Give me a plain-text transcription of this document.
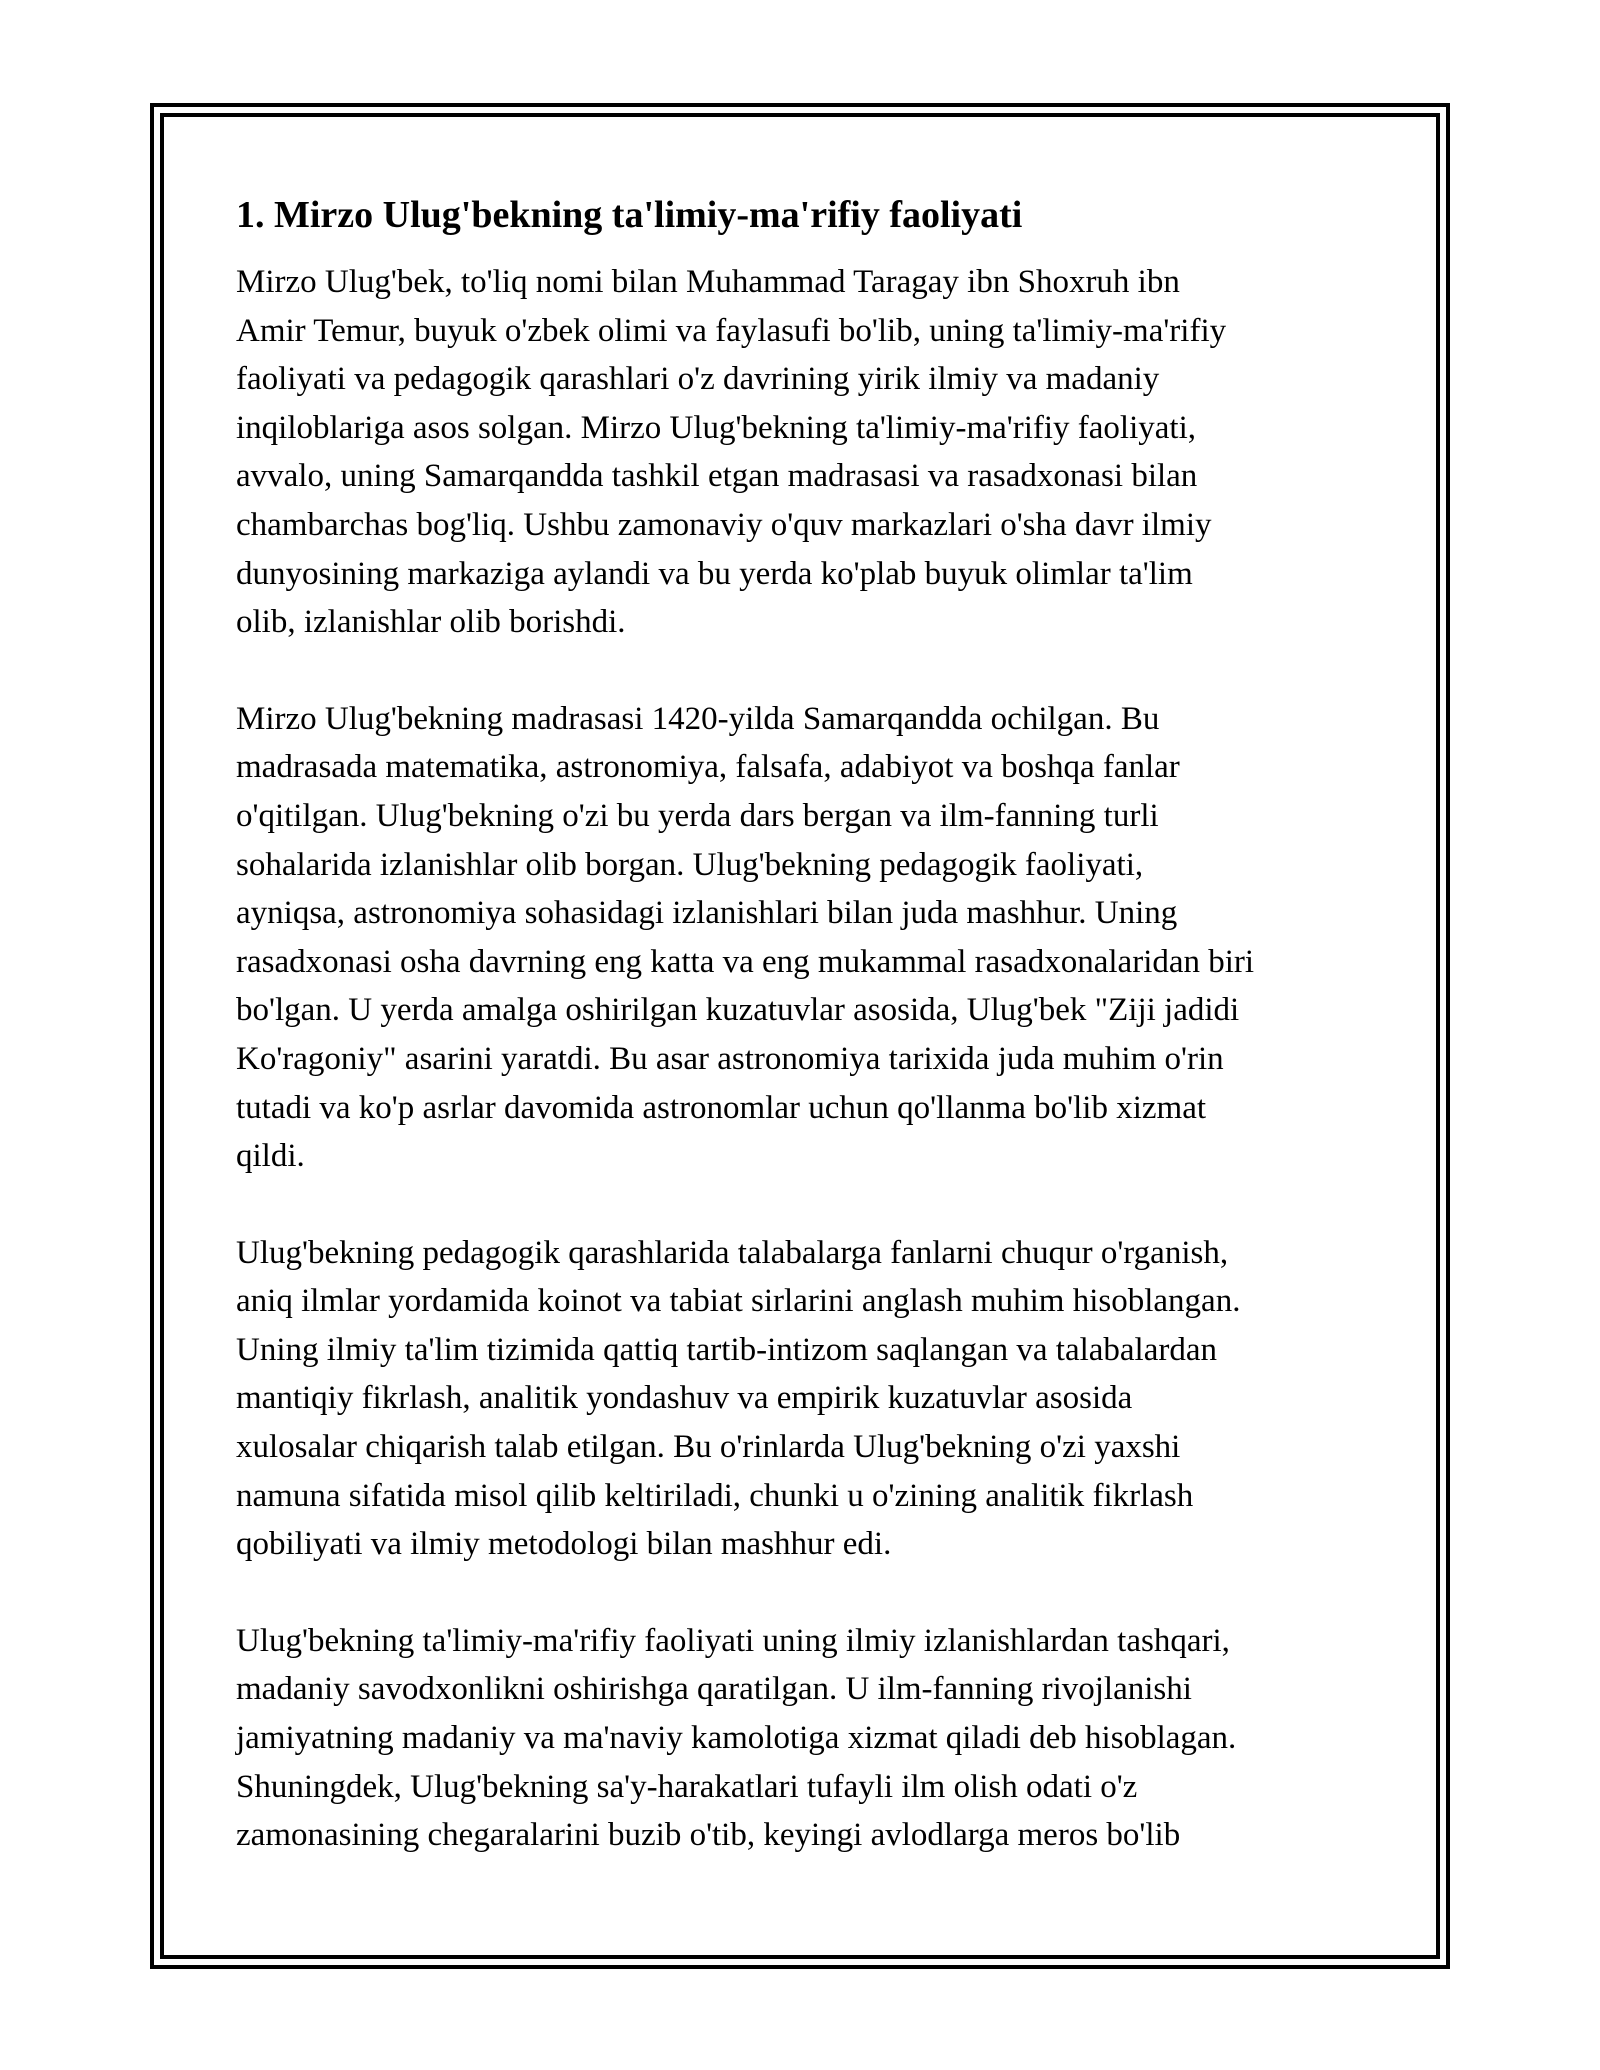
1. Mirzo Ulug'bekning ta'limiy-ma'rifiy faoliyati

Mirzo Ulug'bek, to'liq nomi bilan Muhammad Taragay ibn Shoxruh ibn
Amir Temur, buyuk o'zbek olimi va faylasufi bo'lib, uning ta'limiy-ma'rifiy
faoliyati va pedagogik qarashlari o'z davrining yirik ilmiy va madaniy
inqiloblariga asos solgan. Mirzo Ulug'bekning ta'limiy-ma'rifiy faoliyati,
avvalo, uning Samarqandda tashkil etgan madrasasi va rasadxonasi bilan
chambarchas bog'liq. Ushbu zamonaviy o'quv markazlari o'sha davr ilmiy
dunyosining markaziga aylandi va bu yerda ko'plab buyuk olimlar ta'lim
olib, izlanishlar olib borishdi.

Mirzo Ulug'bekning madrasasi 1420-yilda Samarqandda ochilgan. Bu
madrasada matematika, astronomiya, falsafa, adabiyot va boshqa fanlar
o'qitilgan. Ulug'bekning o'zi bu yerda dars bergan va ilm-fanning turli
sohalarida izlanishlar olib borgan. Ulug'bekning pedagogik faoliyati,
ayniqsa, astronomiya sohasidagi izlanishlari bilan juda mashhur. Uning
rasadxonasi osha davrning eng katta va eng mukammal rasadxonalaridan biri
bo'lgan. U yerda amalga oshirilgan kuzatuvlar asosida, Ulug'bek "Ziji jadidi
Ko'ragoniy" asarini yaratdi. Bu asar astronomiya tarixida juda muhim o'rin
tutadi va ko'p asrlar davomida astronomlar uchun qo'llanma bo'lib xizmat
qildi.

Ulug'bekning pedagogik qarashlarida talabalarga fanlarni chuqur o'rganish,
aniq ilmlar yordamida koinot va tabiat sirlarini anglash muhim hisoblangan.
Uning ilmiy ta'lim tizimida qattiq tartib-intizom saqlangan va talabalardan
mantiqiy fikrlash, analitik yondashuv va empirik kuzatuvlar asosida
xulosalar chiqarish talab etilgan. Bu o'rinlarda Ulug'bekning o'zi yaxshi
namuna sifatida misol qilib keltiriladi, chunki u o'zining analitik fikrlash
qobiliyati va ilmiy metodologi bilan mashhur edi.

Ulug'bekning ta'limiy-ma'rifiy faoliyati uning ilmiy izlanishlardan tashqari,
madaniy savodxonlikni oshirishga qaratilgan. U ilm-fanning rivojlanishi
jamiyatning madaniy va ma'naviy kamolotiga xizmat qiladi deb hisoblagan.
Shuningdek, Ulug'bekning sa'y-harakatlari tufayli ilm olish odati o'z
zamonasining chegaralarini buzib o'tib, keyingi avlodlarga meros bo'lib
